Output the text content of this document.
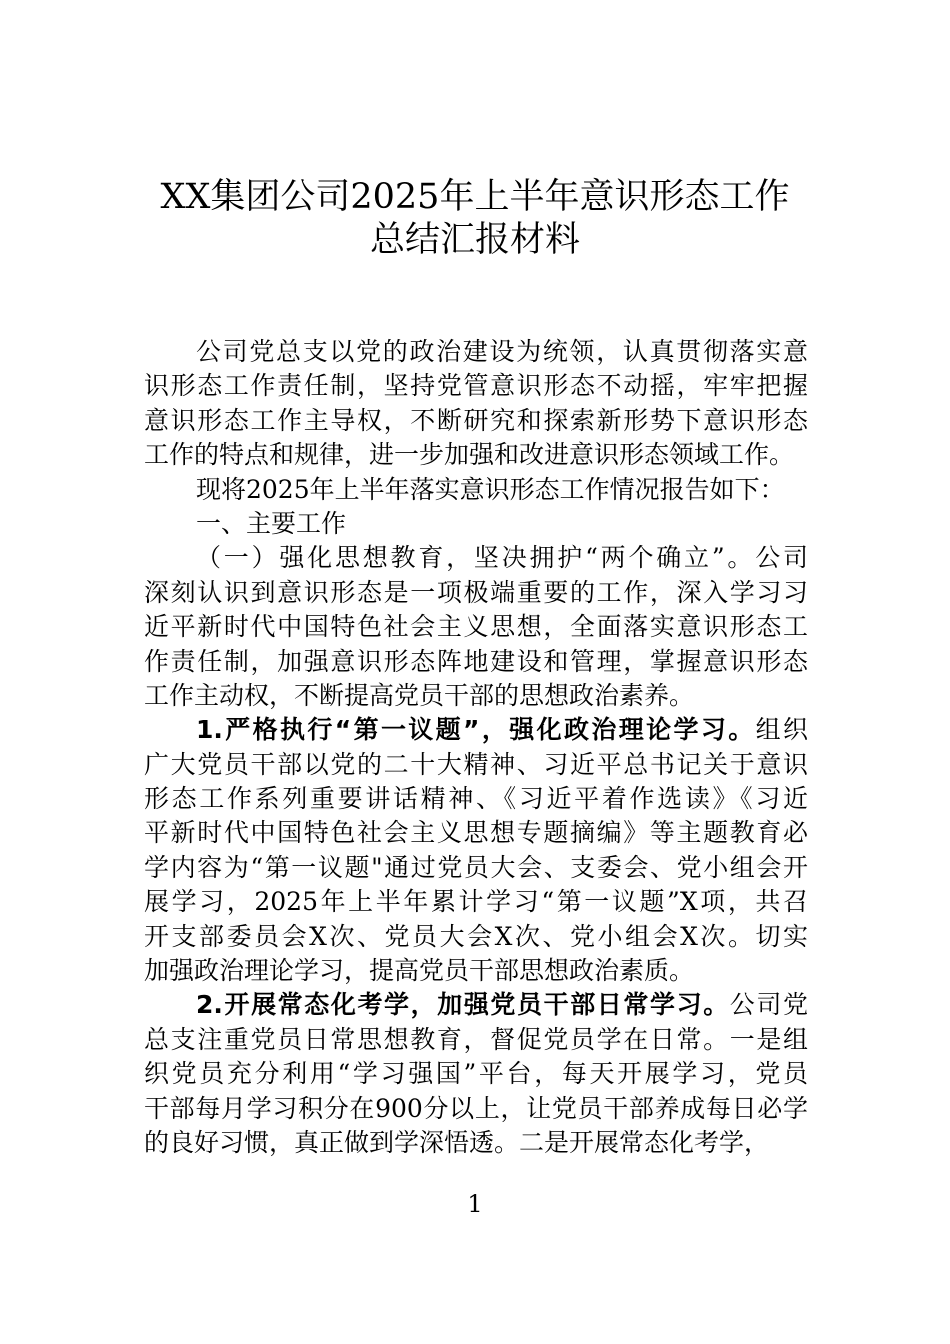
XX集团公司2025年上半年意识形态工作
总结汇报材料
公司党总支以党的政治建设为统领，认真贯彻落实意
识形态工作责任制，坚持党管意识形态不动摇，牢牢把握
意识形态工作主导权，不断研究和探索新形势下意识形态
工作的特点和规律，进一步加强和改进意识形态领域工作。
现将2025年上半年落实意识形态工作情况报告如下：
一、主要工作
（一）强化思想教育，坚决拥护“两个确立”。公司
深刻认识到意识形态是一项极端重要的工作，深入学习习
近平新时代中国特色社会主义思想，全面落实意识形态工
作责任制，加强意识形态阵地建设和管理，掌握意识形态
工作主动权，不断提高党员干部的思想政治素养。
1.严格执行“第一议题”，强化政治理论学习。组织
广大党员干部以党的二十大精神、习近平总书记关于意识
形态工作系列重要讲话精神、《习近平着作选读》《习近
平新时代中国特色社会主义思想专题摘编》等主题教育必
学内容为“第一议题"通过党员大会、支委会、党小组会开
展学习，2025年上半年累计学习“第一议题”X项，共召
开支部委员会X次、党员大会X次、党小组会X次。切实
加强政治理论学习，提高党员干部思想政治素质。
2.开展常态化考学，加强党员干部日常学习。公司党
总支注重党员日常思想教育，督促党员学在日常。一是组
织党员充分利用“学习强国”平台，每天开展学习，党员
干部每月学习积分在900分以上，让党员干部养成每日必学
的良好习惯，真正做到学深悟透。二是开展常态化考学，
1
